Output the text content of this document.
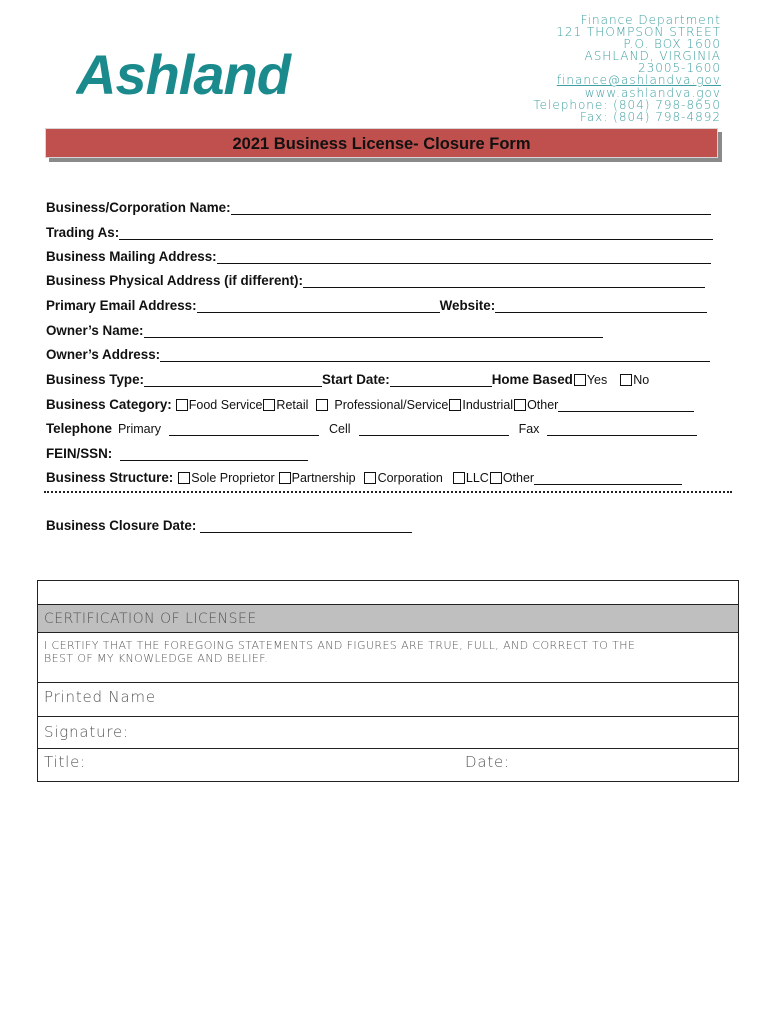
Ashland
Finance Department
121 THOMPSON STREET
P.O. BOX 1600
ASHLAND, VIRGINIA
23005-1600
finance@ashlandva.gov
www.ashlandva.gov
Telephone: (804) 798-8650
Fax: (804) 798-4892
2021 Business License- Closure Form
Business/Corporation Name:
Trading As:
Business Mailing Address:
Business Physical Address (if different):
Primary Email Address:	Website:
Owner’s Name:
Owner’s Address:
Business Type:	Start Date:	Home Based Yes No
Business Category: Food Service Retail Professional/Service Industrial Other
Telephone Primary	Cell	Fax
FEIN/SSN:
Business Structure: Sole Proprietor Partnership Corporation LLC Other
Business Closure Date:
CERTIFICATION OF LICENSEE
I CERTIFY THAT THE FOREGOING STATEMENTS AND FIGURES ARE TRUE, FULL, AND CORRECT TO THE
BEST OF MY KNOWLEDGE AND BELIEF.
Printed Name
Signature:
Title:	Date:
